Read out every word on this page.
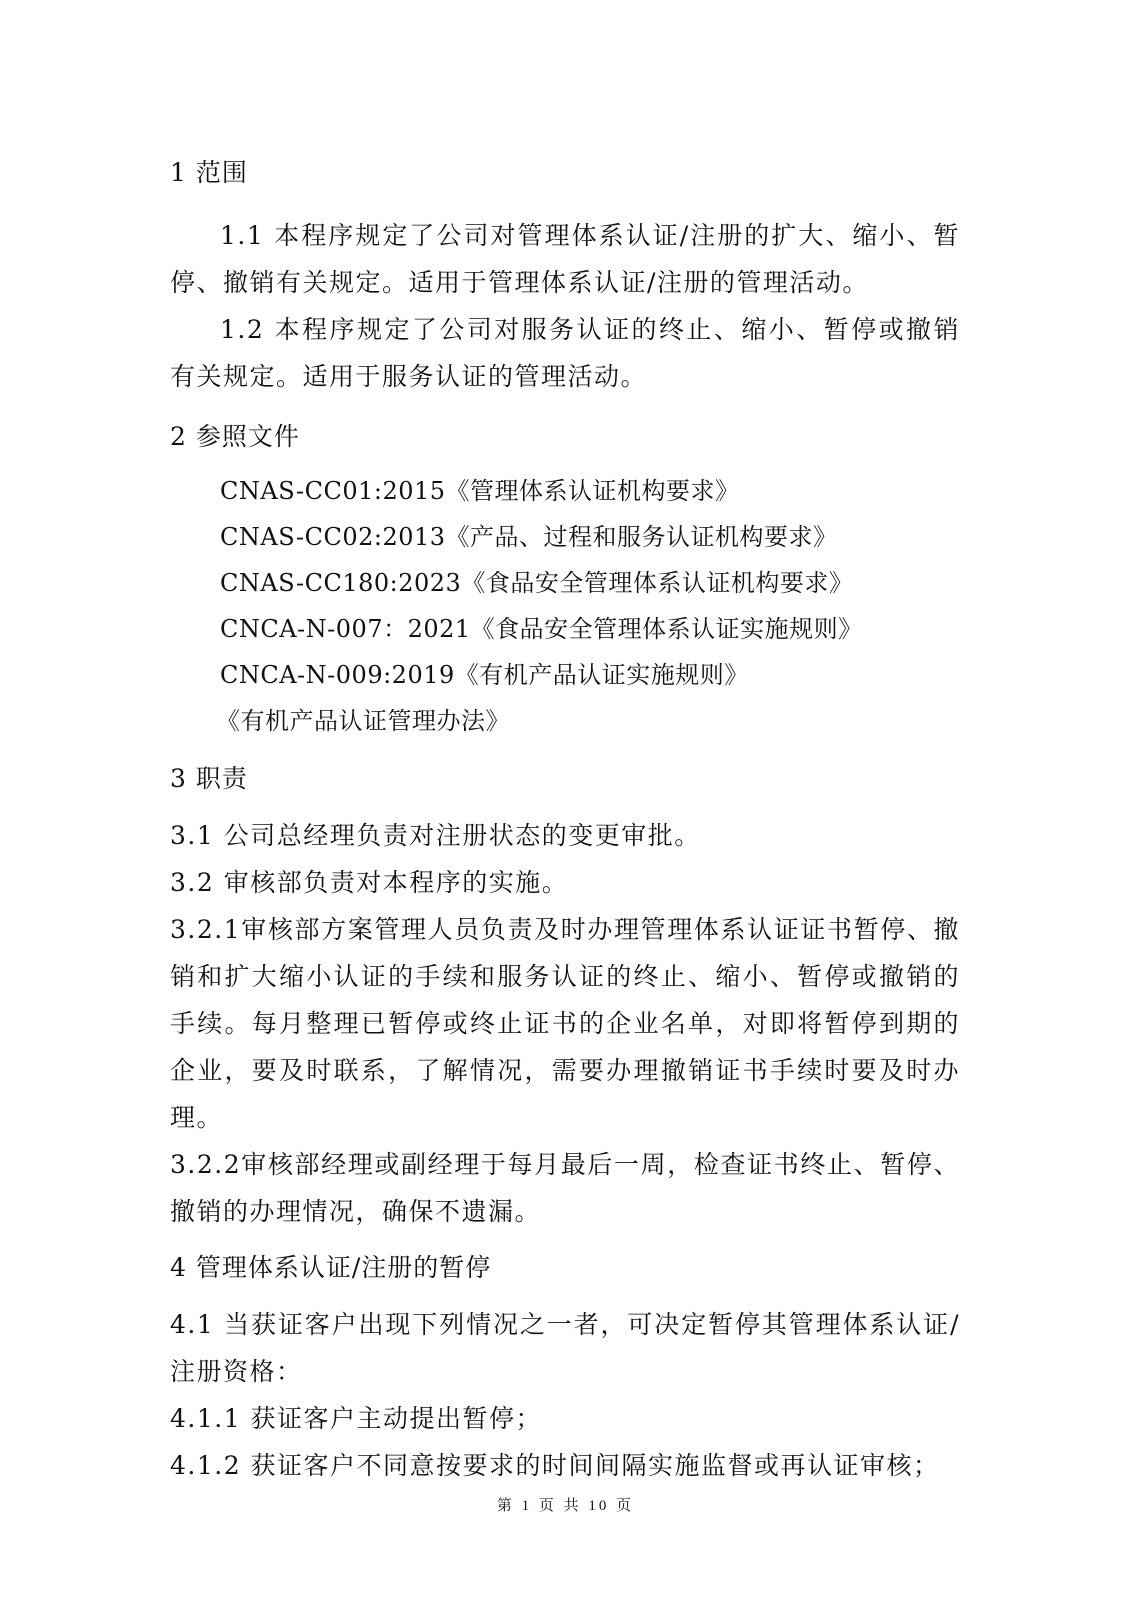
1 范围

1.1 本程序规定了公司对管理体系认证/注册的扩大、缩小、暂停、撤销有关规定。适用于管理体系认证/注册的管理活动。

1.2 本程序规定了公司对服务认证的终止、缩小、暂停或撤销有关规定。适用于服务认证的管理活动。

2 参照文件

CNAS-CC01:2015《管理体系认证机构要求》

CNAS-CC02:2013《产品、过程和服务认证机构要求》

CNAS-CC180:2023《食品安全管理体系认证机构要求》

CNCA-N-007：2021《食品安全管理体系认证实施规则》

CNCA-N-009:2019《有机产品认证实施规则》

《有机产品认证管理办法》

3 职责

3.1 公司总经理负责对注册状态的变更审批。

3.2 审核部负责对本程序的实施。

3.2.1审核部方案管理人员负责及时办理管理体系认证证书暂停、撤销和扩大缩小认证的手续和服务认证的终止、缩小、暂停或撤销的手续。每月整理已暂停或终止证书的企业名单，对即将暂停到期的企业，要及时联系，了解情况，需要办理撤销证书手续时要及时办理。

3.2.2审核部经理或副经理于每月最后一周，检查证书终止、暂停、撤销的办理情况，确保不遗漏。

4 管理体系认证/注册的暂停

4.1 当获证客户出现下列情况之一者，可决定暂停其管理体系认证/注册资格：

4.1.1 获证客户主动提出暂停；

4.1.2 获证客户不同意按要求的时间间隔实施监督或再认证审核；

第 1 页 共 10 页
